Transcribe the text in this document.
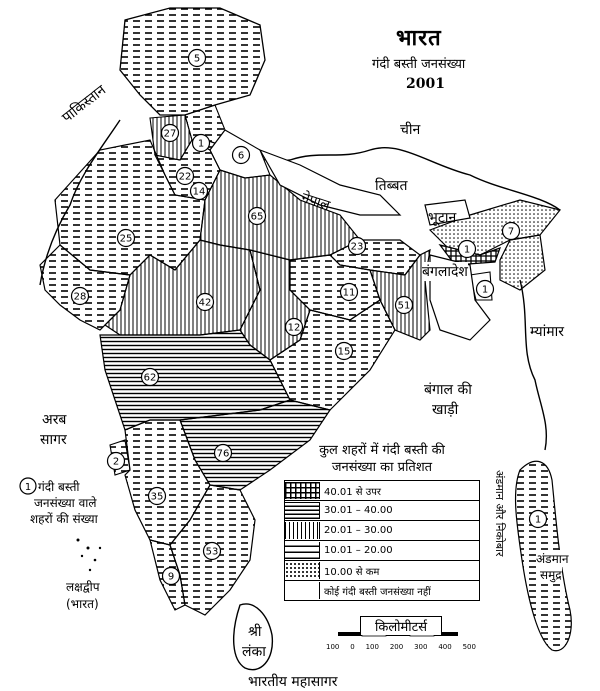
5
1
27
6
22
14
65
25
28
42
23
11
51
12
15
62
76
2
35
53
9
1
7
1
1
1
भारत
गंदी बस्ती जनसंख्या
2001
पाकिस्तान
चीन
नेपाल
तिब्बत
भूटान
बंगलादेश
म्यांमार
श्री
लंका
अरब
सागर
बंगाल की
खाड़ी
भारतीय महासागर
लक्षद्वीप
(भारत)
अंडमान और निकोबार
अंडमान
समुद्र
गंदी बस्ती
जनसंख्या वाले
शहरों की संख्या
कुल शहरों में गंदी बस्ती की
जनसंख्या का प्रतिशत
40.01 से उपर
30.01 – 40.00
20.01 – 30.00
10.01 – 20.00
10.00 से कम
कोई गंदी बस्ती जनसंख्या नहीं
किलोमीटर्स
100 0 100 200 300 400 500
